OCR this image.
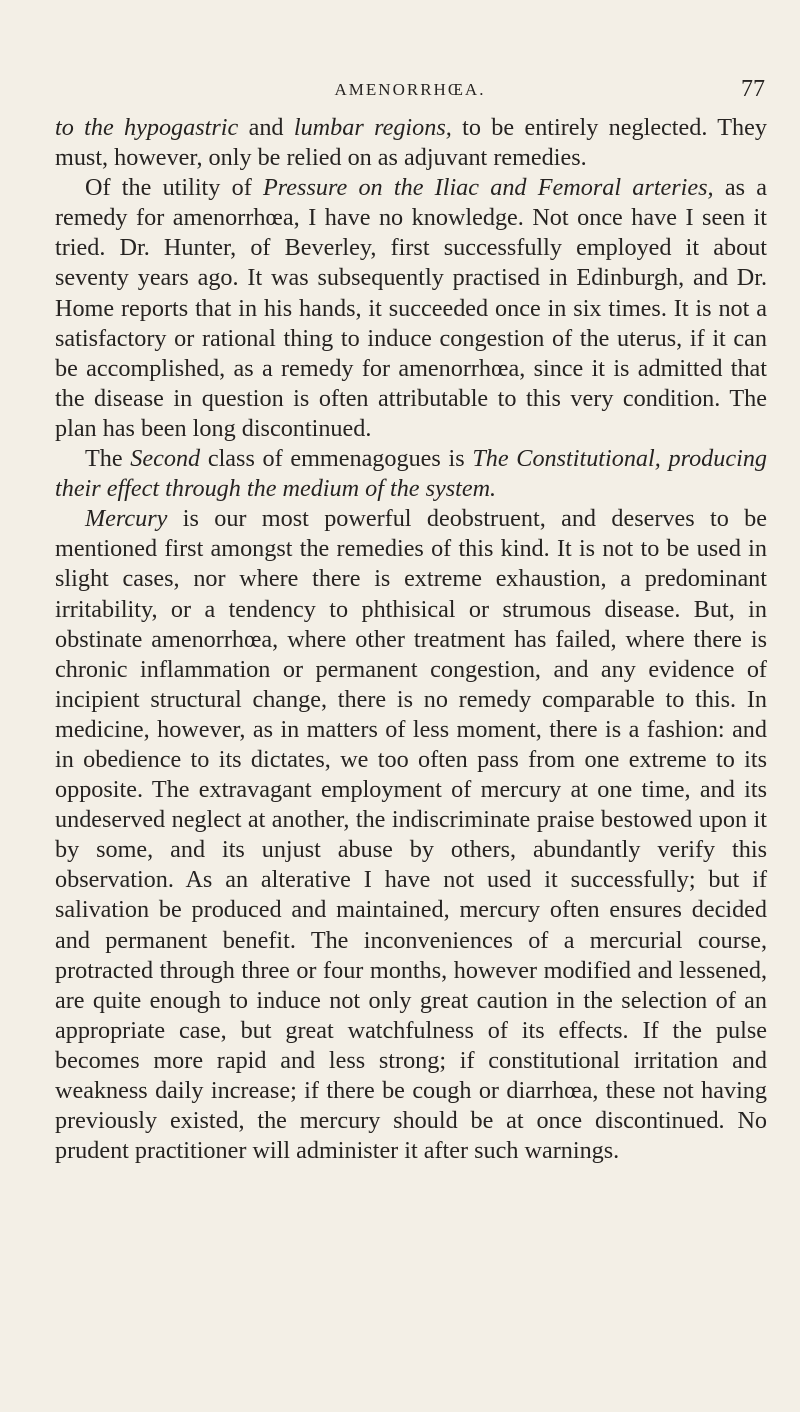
AMENORRHŒA.	77

to the hypogastric and lumbar regions, to be entirely neglected. They must, however, only be relied on as adjuvant remedies.

Of the utility of Pressure on the Iliac and Femoral arteries, as a remedy for amenorrhœa, I have no knowledge. Not once have I seen it tried. Dr. Hunter, of Beverley, first successfully employed it about seventy years ago. It was subsequently practised in Edinburgh, and Dr. Home reports that in his hands, it succeeded once in six times. It is not a satisfactory or rational thing to induce congestion of the uterus, if it can be accomplished, as a remedy for amenorrhœa, since it is admitted that the disease in question is often attributable to this very condition. The plan has been long discontinued.

The Second class of emmenagogues is The Constitutional, producing their effect through the medium of the system.

Mercury is our most powerful deobstruent, and deserves to be mentioned first amongst the remedies of this kind. It is not to be used in slight cases, nor where there is extreme exhaustion, a predominant irritability, or a tendency to phthisical or strumous disease. But, in obstinate amenorrhœa, where other treatment has failed, where there is chronic inflammation or permanent congestion, and any evidence of incipient structural change, there is no remedy comparable to this. In medicine, however, as in matters of less moment, there is a fashion: and in obedience to its dictates, we too often pass from one extreme to its opposite. The extravagant employment of mercury at one time, and its undeserved neglect at another, the indiscriminate praise bestowed upon it by some, and its unjust abuse by others, abundantly verify this observation. As an alterative I have not used it successfully; but if salivation be produced and maintained, mercury often ensures decided and permanent benefit. The inconveniences of a mercurial course, protracted through three or four months, however modified and lessened, are quite enough to induce not only great caution in the selection of an appropriate case, but great watchfulness of its effects. If the pulse becomes more rapid and less strong; if constitutional irritation and weakness daily increase; if there be cough or diarrhœa, these not having previously existed, the mercury should be at once discontinued. No prudent practitioner will administer it after such warnings.
